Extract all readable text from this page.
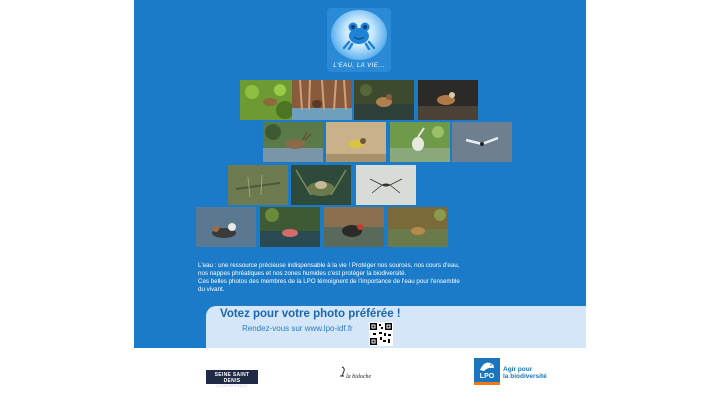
L'EAU, LA VIE...

L'eau : une ressource précieuse indispensable à la vie ! Protéger nos sources, nos cours d'eau,

nos nappes phréatiques et nos zones humides c'est protéger la biodiversité.

Ces belles photos des membres de la LPO témoignent de l'importance de l'eau pour l'ensemble

du vivant.

Votez pour votre photo préférée !
Rendez-vous sur www.lpo-idf.fr
SEINE SAINT DENIS
LE DÉPARTEMENT
la bidoche	LPO
Agir pour
la biodiversité
